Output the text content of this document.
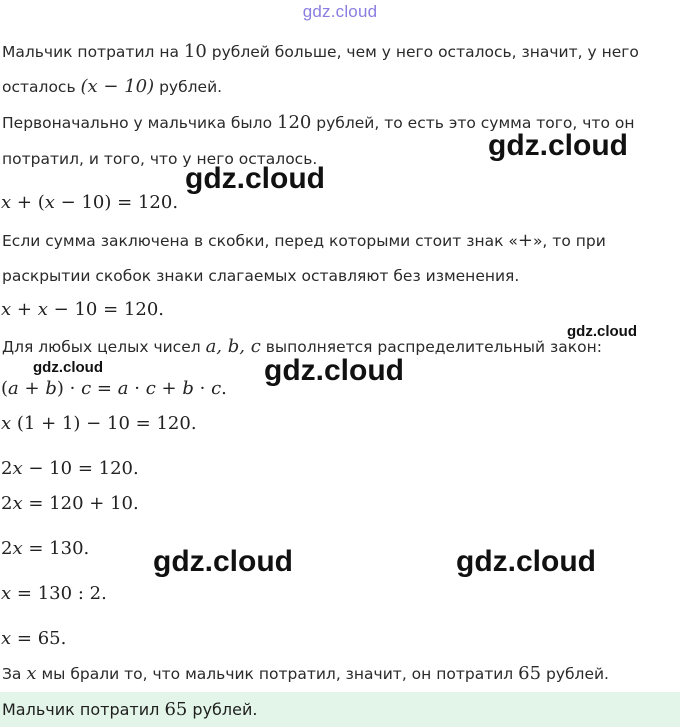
gdz.cloud
Мальчик потратил на 10 рублей больше, чем у него осталось, значит, у него
осталось (x − 10) рублей.
Первоначально у мальчика было 120 рублей, то есть это сумма того, что он
потратил, и того, что у него осталось.
x + (x − 10) = 120.
Если сумма заключена в скобки, перед которыми стоит знак «+», то при
раскрытии скобок знаки слагаемых оставляют без изменения.
x + x − 10 = 120.
Для любых целых чисел a, b, c выполняется распределительный закон:
(a + b) · c = a · c + b · c.
x (1 + 1) − 10 = 120.
2x − 10 = 120.
2x = 120 + 10.
2x = 130.
x = 130 : 2.
x = 65.
За x мы брали то, что мальчик потратил, значит, он потратил 65 рублей.
Мальчик потратил 65 рублей.
gdz.cloud
gdz.cloud
gdz.cloud
gdz.cloud	gdz.cloud
gdz.cloud	gdz.cloud
